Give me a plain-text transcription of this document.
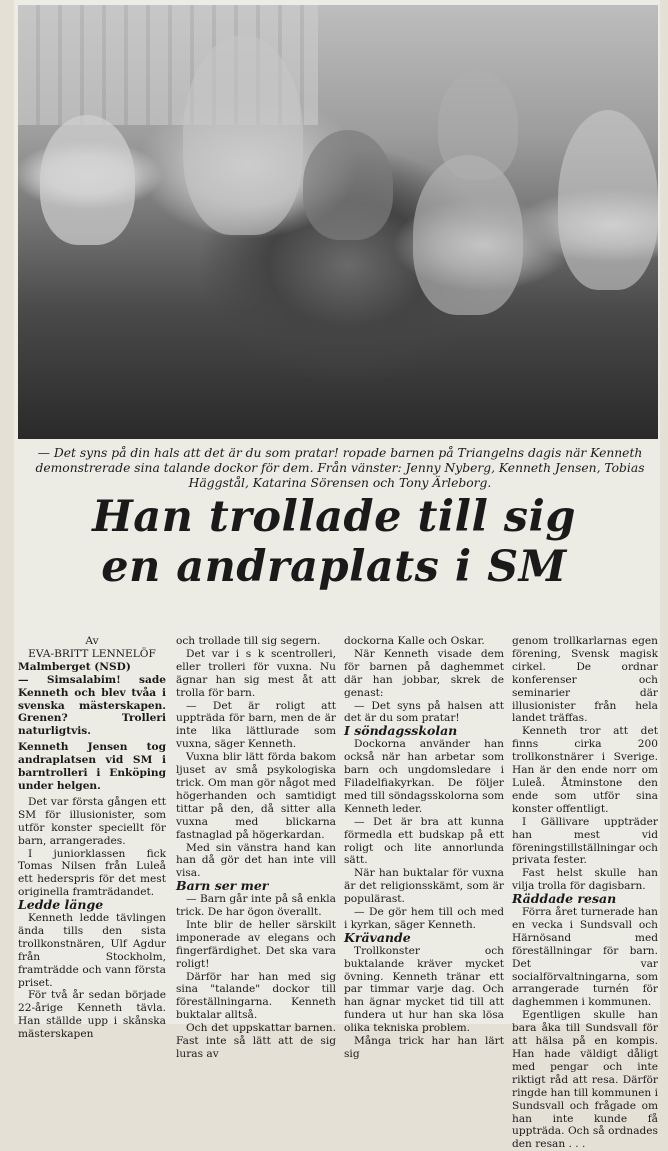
— Det syns på din hals att det är du som pratar! ropade barnen på Triangelns dagis när Kenneth demonstrerade sina talande dockor för dem. Från vänster: Jenny Nyberg, Kenneth Jensen, Tobias Häggstål, Katarina Sörensen och Tony Ärleborg.

Han trollade till sig
en andraplats i SM

Av

EVA-BRITT LENNELÖF

Malmberget (NSD)

— Simsalabim! sade Kenneth och blev tvåa i svenska mästerskapen. Grenen? Trolleri naturligtvis.

Kenneth Jensen tog andraplatsen vid SM i barntrolleri i Enköping under helgen.

Det var första gången ett SM för illusionister, som utför konster speciellt för barn, arrangerades.

I juniorklassen fick Tomas Nilsen från Luleå ett hederspris för det mest originella framträdandet.

Ledde länge

Kenneth ledde tävlingen ända tills den sista trollkonstnären, Ulf Agdur från Stockholm, framträdde och vann första priset.

För två år sedan började 22-årige Kenneth tävla. Han ställde upp i skånska mästerskapen

och trollade till sig segern.

Det var i s k scentrolleri, eller trolleri för vuxna. Nu ägnar han sig mest åt att trolla för barn.

— Det är roligt att uppträda för barn, men de är inte lika lättlurade som vuxna, säger Kenneth.

Vuxna blir lätt förda bakom ljuset av små psykologiska trick. Om man gör något med högerhanden och samtidigt tittar på den, då sitter alla vuxna med blickarna fastnaglad på högerkardan.

Med sin vänstra hand kan han då gör det han inte vill visa.

Barn ser mer

— Barn går inte på så enkla trick. De har ögon överallt.

Inte blir de heller särskilt imponerade av elegans och fingerfärdighet. Det ska vara roligt!

Därför har han med sig sina "talande" dockor till föreställningarna. Kenneth buktalar alltså.

Och det uppskattar barnen. Fast inte så lätt att de sig luras av

dockorna Kalle och Oskar.

När Kenneth visade dem för barnen på daghemmet där han jobbar, skrek de genast:

— Det syns på halsen att det är du som pratar!

I söndagsskolan

Dockorna använder han också när han arbetar som barn och ungdomsledare i Filadelfiakyrkan. De följer med till söndagsskolorna som Kenneth leder.

— Det är bra att kunna förmedla ett budskap på ett roligt och lite annorlunda sätt.

När han buktalar för vuxna är det religionsskämt, som är populärast.

— De gör hem till och med i kyrkan, säger Kenneth.

Krävande

Trollkonster och buktalande kräver mycket övning. Kenneth tränar ett par timmar varje dag. Och han ägnar mycket tid till att fundera ut hur han ska lösa olika tekniska problem.

Många trick har han lärt sig

genom trollkarlarnas egen förening, Svensk magisk cirkel. De ordnar konferenser och seminarier där illusionister från hela landet träffas.

Kenneth tror att det finns cirka 200 trollkonstnärer i Sverige. Han är den ende norr om Luleå. Åtminstone den ende som utför sina konster offentligt.

I Gällivare uppträder han mest vid föreningstillställningar och privata fester.

Fast helst skulle han vilja trolla för dagisbarn.

Räddade resan

Förra året turnerade han en vecka i Sundsvall och Härnösand med föreställningar för barn. Det var socialförvaltningarna, som arrangerade turnén för daghemmen i kommunen.

Egentligen skulle han bara åka till Sundsvall för att hälsa på en kompis. Han hade väldigt dåligt med pengar och inte riktigt råd att resa. Därför ringde han till kommunen i Sundsvall och frågade om han inte kunde få uppträda. Och så ordnades den resan . . .
